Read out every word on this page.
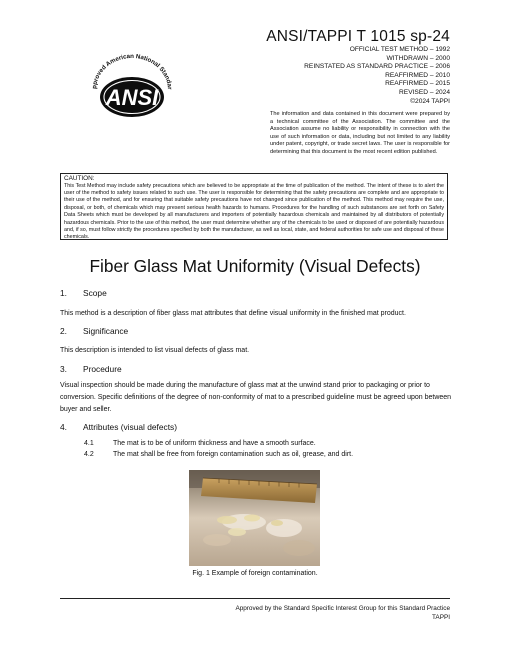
pproved American National Standar
ANSI
ANSI/TAPPI T 1015 sp-24
OFFICIAL TEST METHOD – 1992
WITHDRAWN – 2000
REINSTATED AS STANDARD PRACTICE – 2006
REAFFIRMED – 2010
REAFFIRMED – 2015
REVISED – 2024
©2024 TAPPI
The information and data contained in this document were prepared by a technical committee of the Association. The committee and the Association assume no liability or responsibility in connection with the use of such information or data, including but not limited to any liability under patent, copyright, or trade secret laws. The user is responsible for determining that this document is the most recent edition published.
CAUTION:
This Test Method may include safety precautions which are believed to be appropriate at the time of publication of the method. The intent of these is to alert the user of the method to safety issues related to such use. The user is responsible for determining that the safety precautions are complete and are appropriate to their use of the method, and for ensuring that suitable safety precautions have not changed since publication of the method. This method may require the use, disposal, or both, of chemicals which may present serious health hazards to humans. Procedures for the handling of such substances are set forth on Safety Data Sheets which must be developed by all manufacturers and importers of potentially hazardous chemicals and maintained by all distributors of potentially hazardous chemicals. Prior to the use of this method, the user must determine whether any of the chemicals to be used or disposed of are potentially hazardous and, if so, must follow strictly the procedures specified by both the manufacturer, as well as local, state, and federal authorities for safe use and disposal of these chemicals.
Fiber Glass Mat Uniformity (Visual Defects)
1. Scope
This method is a description of fiber glass mat attributes that define visual uniformity in the finished mat product.
2. Significance
This description is intended to list visual defects of glass mat.
3. Procedure
Visual inspection should be made during the manufacture of glass mat at the unwind stand prior to packaging or prior to conversion. Specific definitions of the degree of non-conformity of mat to a prescribed guideline must be agreed upon between buyer and seller.
4. Attributes (visual defects)
4.1	The mat is to be of uniform thickness and have a smooth surface.
4.2	The mat shall be free from foreign contamination such as oil, grease, and dirt.
Fig. 1 Example of foreign contamination.
Approved by the Standard Specific Interest Group for this Standard Practice
TAPPI
